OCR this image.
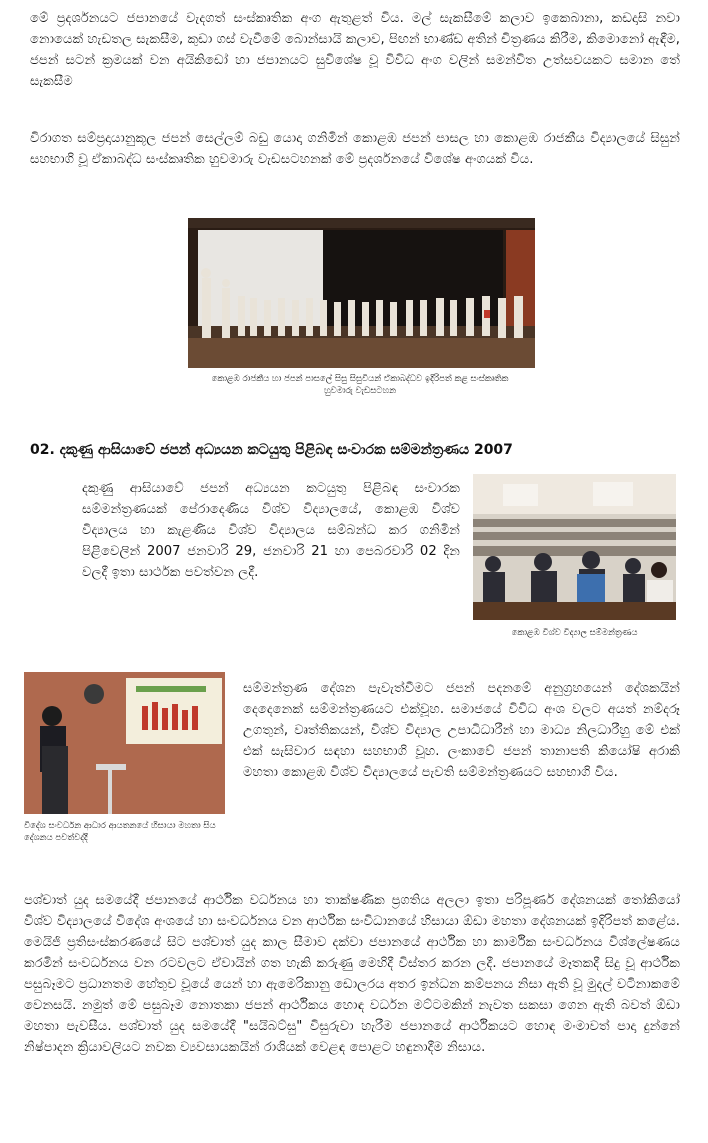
මේ ප්‍රදර්ශනයට ජපානයේ වැදගත් සංස්කෘතික අංග ඇතුළත් විය. මල් සැකසීමේ කලාව ඉකෙබානා, කඩදාසි නවා නොයෙක් හැඩතල සැකසීම, කුඩා ගස් වැවීමේ බොන්සායි කලාව, පිඟන් භාණ්ඩ අතින් චිත්‍රණය කිරීම, කිමොනෝ ඇඳීම, ජපන් සටන් ක්‍රමයක් වන අයිකිඩෝ හා ජපානයට සුවිශේෂ වූ විවිධ අංග වලින් සමන්විත උත්සවයකට සමාන තේ සැකසීම

විරාගත සම්ප්‍රදායානුකූල ජපන් සෙල්ලම් බඩු යොදා ගනිමින් කොළඹ ජපන් පාසල හා කොළඹ රාජකීය විද්‍යාලයේ සිසුන් සහභාගි වූ ඒකාබද්ධ සංස්කෘතික හුවමාරු වැඩසටහනක් මේ ප්‍රදර්ශනයේ විශේෂ අංගයක් විය.

කොළඹ රාජකීය හා ජපන් පාසලේ සිසු සිසුවියන් ඒකාබද්ධව ඉදිරිපත් කළ සංස්කෘතික හුවමාරු වැඩසටහන

02. දකුණු ආසියාවේ ජපන් අධ්‍යයන කටයුතු පිළිබඳ සංවාරක සම්මන්ත්‍රණය 2007

දකුණු ආසියාවේ ජපන් අධ්‍යයන කටයුතු පිළිබඳ සංවාරක සම්මන්ත්‍රණයක් පේරාදෙණිය විශ්ව විද්‍යාලයේ, කොළඹ විශ්ව විද්‍යාලය හා කැළණිය විශ්ව විද්‍යාලය සම්බන්ධ කර ගනිමින් පිළිවෙලින් 2007 ජනවාරි 29, ජනවාරි 21 හා පෙබරවාරි 02 දින වලදී ඉතා සාර්ථක පවත්වන ලදී.

කොළඹ විශ්ව විද්‍යාල සම්මන්ත්‍රණය

විදේශ සංවර්ධන ආධාර ආයතනයේ හිසායා මහතා සිය දේශනය පවත්වද්දී

සම්මන්ත්‍රණ දේශන පැවැත්වීමට ජපන් පදනමේ අනුග්‍රහයෙන් දේශකයින් දෙදෙනෙක් සම්මන්ත්‍රණයට එක්වූහ. සමාජයේ විවිධ අංශ වලට අයත් නම්දරූ උගතුන්, වෘත්තිකයන්, විශ්ව විද්‍යාල උපාධිධාරීන් හා මාධ්‍ය නිලධාරීහු මේ එක් එක් සැසිවාර සඳහා සහභාගි වූහ. ලංකාවේ ජපන් තානාපති කියෝෂි අරාකි මහතා කොළඹ විශ්ව විද්‍යාලයේ පැවති සම්මන්ත්‍රණයට සහභාගි විය.

පශ්චාත් යුද සමයේදී ජපානයේ ආර්ථික වර්ධනය හා තාක්ෂණික ප්‍රගතිය අලලා ඉතා පරිපූර්ණ දේශනයක් තෝකියෝ විශ්ව විද්‍යාලයේ විදේශ අංශයේ හා සංවර්ධනය වන ආර්ථික සංවිධානයේ හිසායා ඕඩා මහතා දේශනයක් ඉදිරිපත් කළේය. මෙයිජි ප්‍රතිසංස්කරණයේ සිට පශ්චාත් යුද කාල සීමාව දක්වා ජපානයේ ආර්ථික හා කාර්මික සංවර්ධනය විශ්ලේෂණය කරමින් සංවර්ධනය වන රටවලට ඒවායින් ගත හැකි කරුණු මෙහිදී විස්තර කරන ලදී. ජපානයේ මෑතකදී සිදු වූ ආර්ථික පසුබෑමට ප්‍රධානතම හේතුව වූයේ යෙන් හා ඇමෙරිකානු ඩොලරය අතර ඉන්ධන කම්පනය නිසා ඇති වූ මුදල් වටිනාකමේ වෙනසයි. නමුත් මේ පසුබෑම නොතකා ජපන් ආර්ථිකය හොඳ වර්ධන මට්ටමකින් නැවත සකසා ගෙන ඇති බවත් ඕඩා මහතා පැවසීය. පශ්චාත් යුද සමයේදී "සයිබට්සු" විසුරුවා හැරීම ජපානයේ ආර්ථිකයට හොඳ මංමාවත් පාදා දුන්නේ නිෂ්පාදන ක්‍රියාවලියට නවක ව්‍යවසායකයින් රාශියක් වෙළඳ පොළට හඳුනාදීම නිසාය.
